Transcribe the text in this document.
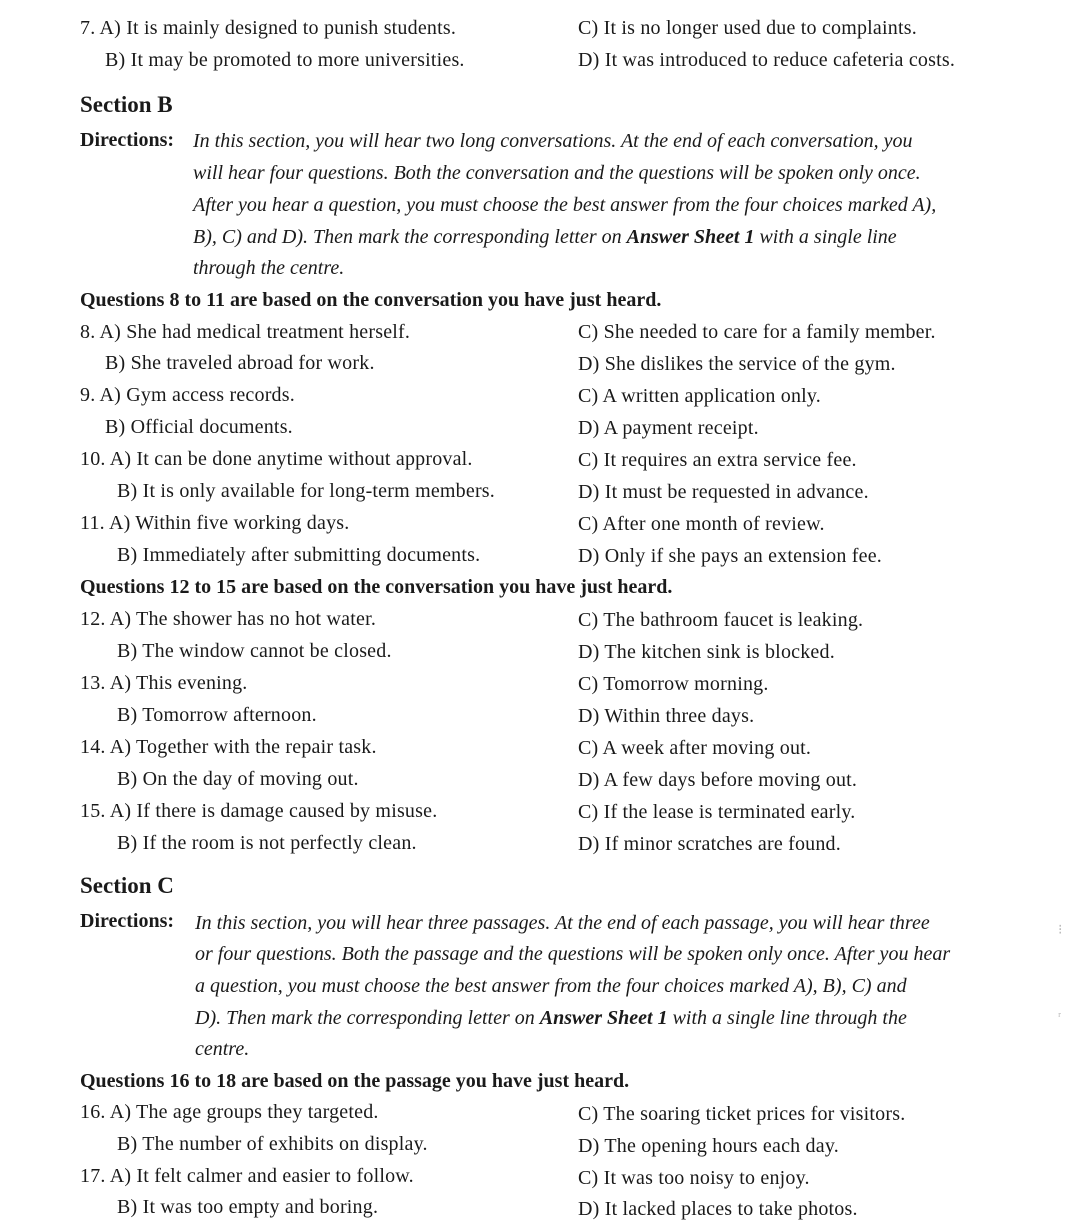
7. A) It is mainly designed to punish students.	C) It is no longer used due to complaints.
B) It may be promoted to more universities.	D) It was introduced to reduce cafeteria costs.
Section B
Directions: In this section, you will hear two long conversations. At the end of each conversation, you
will hear four questions. Both the conversation and the questions will be spoken only once.
After you hear a question, you must choose the best answer from the four choices marked A),
B), C) and D). Then mark the corresponding letter on Answer Sheet 1 with a single line
through the centre.
Questions 8 to 11 are based on the conversation you have just heard.
8. A) She had medical treatment herself.	C) She needed to care for a family member.
B) She traveled abroad for work.	D) She dislikes the service of the gym.
9. A) Gym access records.	C) A written application only.
B) Official documents.	D) A payment receipt.
10. A) It can be done anytime without approval.	C) It requires an extra service fee.
B) It is only available for long-term members.	D) It must be requested in advance.
11. A) Within five working days.	C) After one month of review.
B) Immediately after submitting documents.	D) Only if she pays an extension fee.
Questions 12 to 15 are based on the conversation you have just heard.
12. A) The shower has no hot water.	C) The bathroom faucet is leaking.
B) The window cannot be closed.	D) The kitchen sink is blocked.
13. A) This evening.	C) Tomorrow morning.
B) Tomorrow afternoon.	D) Within three days.
14. A) Together with the repair task.	C) A week after moving out.
B) On the day of moving out.	D) A few days before moving out.
15. A) If there is damage caused by misuse.	C) If the lease is terminated early.
B) If the room is not perfectly clean.	D) If minor scratches are found.
Section C
Directions: In this section, you will hear three passages. At the end of each passage, you will hear three
or four questions. Both the passage and the questions will be spoken only once. After you hear
a question, you must choose the best answer from the four choices marked A), B), C) and
D). Then mark the corresponding letter on Answer Sheet 1 with a single line through the
centre.
Questions 16 to 18 are based on the passage you have just heard.
16. A) The age groups they targeted.	C) The soaring ticket prices for visitors.
B) The number of exhibits on display.	D) The opening hours each day.
17. A) It felt calmer and easier to follow.	C) It was too noisy to enjoy.
B) It was too empty and boring.	D) It lacked places to take photos.
⁝
ʳ
